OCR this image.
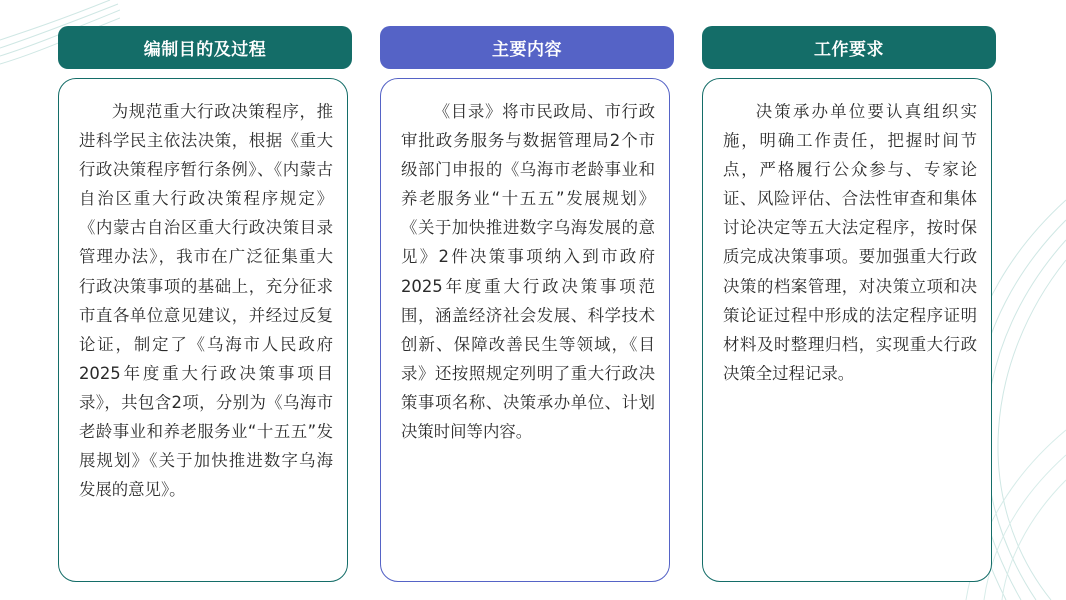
编制目的及过程

为规范重大行政决策程序，推进科学民主依法决策，根据《重大行政决策程序暂行条例》、《内蒙古自治区重大行政决策程序规定》《内蒙古自治区重大行政决策目录管理办法》，我市在广泛征集重大行政决策事项的基础上，充分征求市直各单位意见建议，并经过反复论证，制定了《乌海市人民政府2025年度重大行政决策事项目录》，共包含2项，分别为《乌海市老龄事业和养老服务业“十五五”发展规划》《关于加快推进数字乌海发展的意见》。

主要内容

《目录》将市民政局、市行政审批政务服务与数据管理局2个市级部门申报的《乌海市老龄事业和养老服务业“十五五”发展规划》《关于加快推进数字乌海发展的意见》2件决策事项纳入到市政府2025年度重大行政决策事项范围，涵盖经济社会发展、科学技术创新、保障改善民生等领域，《目录》还按照规定列明了重大行政决策事项名称、决策承办单位、计划决策时间等内容。

工作要求

决策承办单位要认真组织实施，明确工作责任，把握时间节点，严格履行公众参与、专家论证、风险评估、合法性审查和集体讨论决定等五大法定程序，按时保质完成决策事项。要加强重大行政决策的档案管理，对决策立项和决策论证过程中形成的法定程序证明材料及时整理归档，实现重大行政决策全过程记录。
